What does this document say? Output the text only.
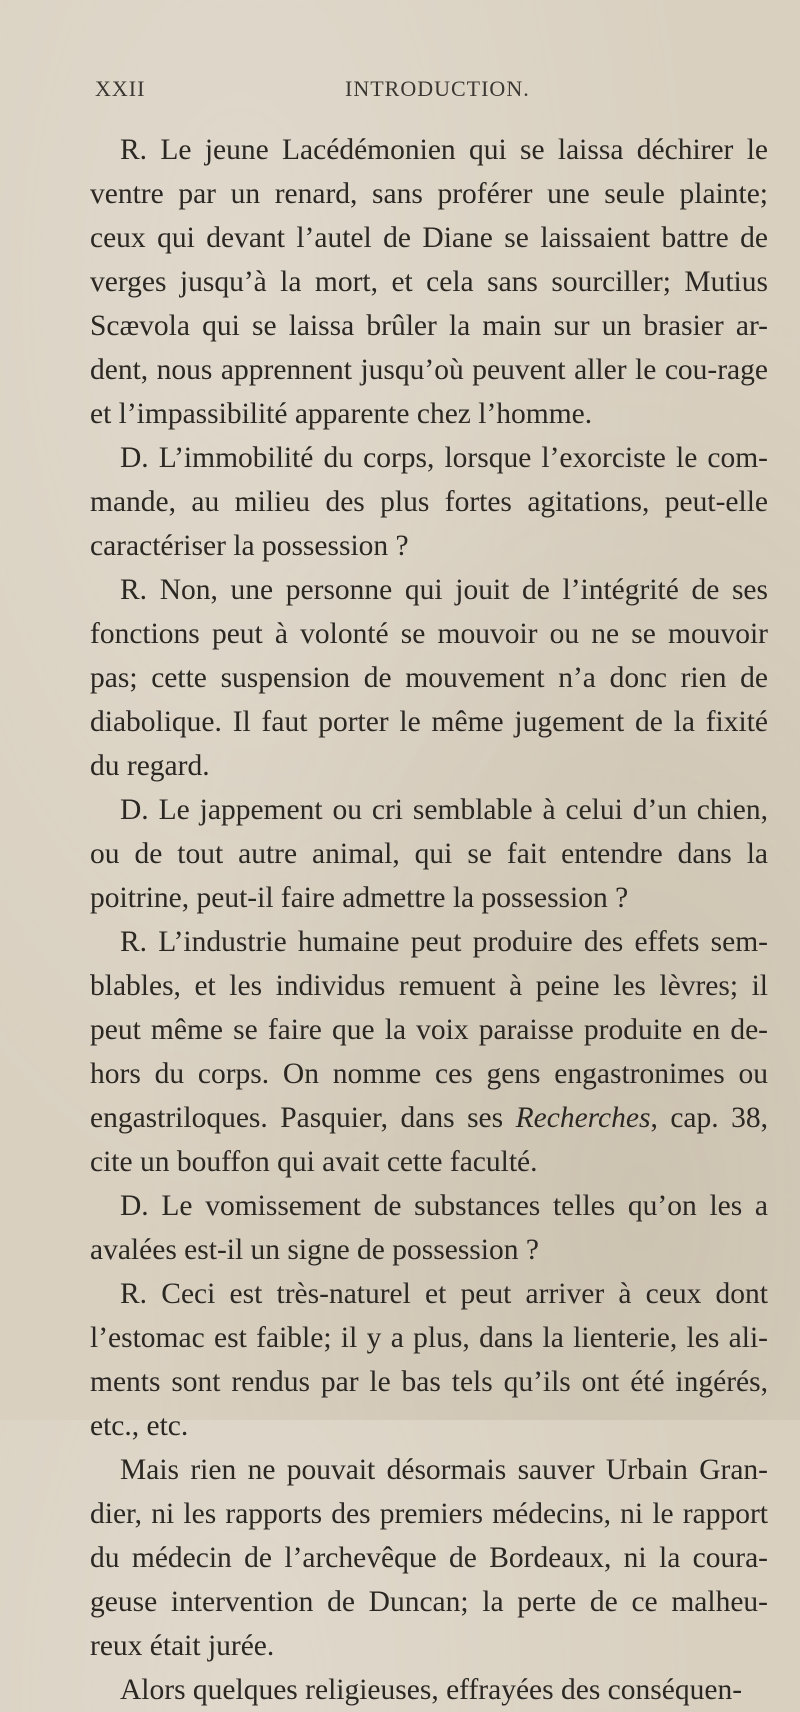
XXII	INTRODUCTION.

R. Le jeune Lacédémonien qui se laissa déchirer le ventre par un renard, sans proférer une seule plainte; ceux qui devant l’autel de Diane se laissaient battre de verges jusqu’à la mort, et cela sans sourciller; Mutius Scævola qui se laissa brûler la main sur un brasier ar-dent, nous apprennent jusqu’où peuvent aller le cou-rage et l’impassibilité apparente chez l’homme.

D. L’immobilité du corps, lorsque l’exorciste le com-mande, au milieu des plus fortes agitations, peut-elle caractériser la possession ?

R. Non, une personne qui jouit de l’intégrité de ses fonctions peut à volonté se mouvoir ou ne se mouvoir pas; cette suspension de mouvement n’a donc rien de diabolique. Il faut porter le même jugement de la fixité du regard.

D. Le jappement ou cri semblable à celui d’un chien, ou de tout autre animal, qui se fait entendre dans la poitrine, peut-il faire admettre la possession ?

R. L’industrie humaine peut produire des effets sem-blables, et les individus remuent à peine les lèvres; il peut même se faire que la voix paraisse produite en de-hors du corps. On nomme ces gens engastronimes ou engastriloques. Pasquier, dans ses Recherches, cap. 38, cite un bouffon qui avait cette faculté.

D. Le vomissement de substances telles qu’on les a avalées est-il un signe de possession ?

R. Ceci est très-naturel et peut arriver à ceux dont l’estomac est faible; il y a plus, dans la lienterie, les ali-ments sont rendus par le bas tels qu’ils ont été ingérés, etc., etc.

Mais rien ne pouvait désormais sauver Urbain Gran-dier, ni les rapports des premiers médecins, ni le rapport du médecin de l’archevêque de Bordeaux, ni la coura-geuse intervention de Duncan; la perte de ce malheu-reux était jurée.

Alors quelques religieuses, effrayées des conséquen-
